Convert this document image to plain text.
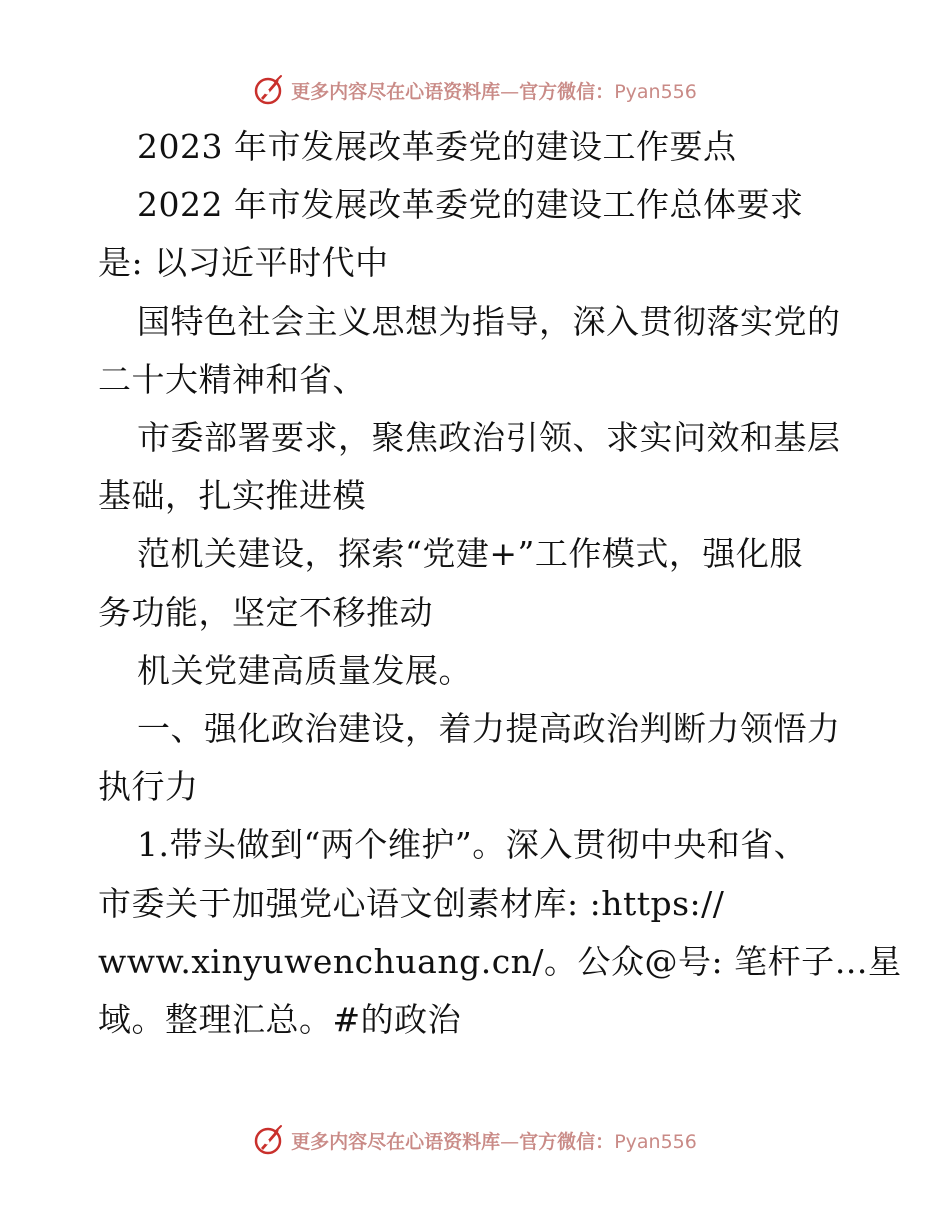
更多内容尽在心语资料库—官方微信：Pyan556
2023 年市发展改革委党的建设工作要点
2022 年市发展改革委党的建设工作总体要求
是: 以习近平时代中
国特色社会主义思想为指导，深入贯彻落实党的
二十大精神和省、
市委部署要求，聚焦政治引领、求实问效和基层
基础，扎实推进模
范机关建设，探索“党建+”工作模式，强化服
务功能，坚定不移推动
机关党建高质量发展。
一、强化政治建设，着力提高政治判断力领悟力
执行力
1.带头做到“两个维护”。深入贯彻中央和省、
市委关于加强党心语文创素材库: :https://
www.xinyuwenchuang.cn/。公众@号: 笔杆子…星
域。整理汇总。#的政治
更多内容尽在心语资料库—官方微信：Pyan556
